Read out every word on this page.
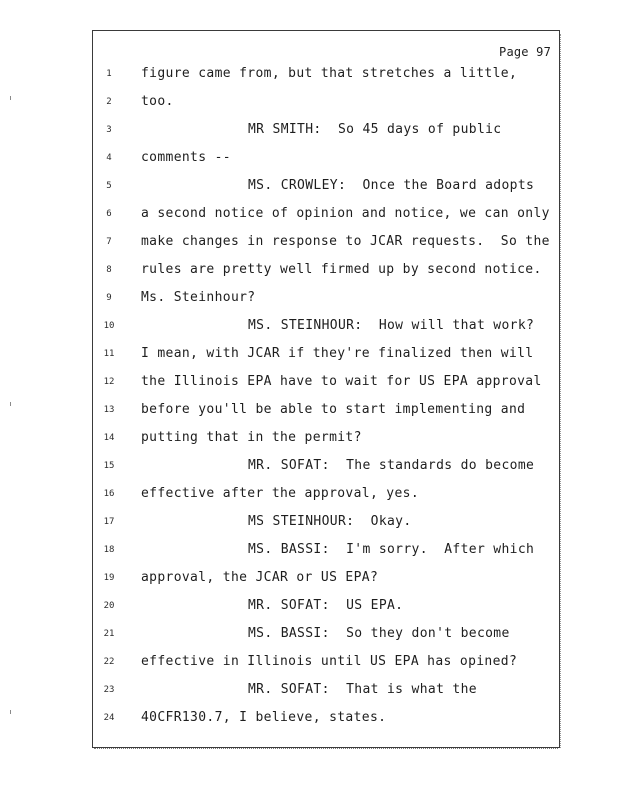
Page 97
1	figure came from, but that stretches a little,
2	too.
3	MR SMITH:  So 45 days of public
4	comments --
5	MS. CROWLEY:  Once the Board adopts
6	a second notice of opinion and notice, we can only
7	make changes in response to JCAR requests.  So the
8	rules are pretty well firmed up by second notice.
9	Ms. Steinhour?
10	MS. STEINHOUR:  How will that work?
11	I mean, with JCAR if they're finalized then will
12	the Illinois EPA have to wait for US EPA approval
13	before you'll be able to start implementing and
14	putting that in the permit?
15	MR. SOFAT:  The standards do become
16	effective after the approval, yes.
17	MS STEINHOUR:  Okay.
18	MS. BASSI:  I'm sorry.  After which
19	approval, the JCAR or US EPA?
20	MR. SOFAT:  US EPA.
21	MS. BASSI:  So they don't become
22	effective in Illinois until US EPA has opined?
23	MR. SOFAT:  That is what the
24	40CFR130.7, I believe, states.
